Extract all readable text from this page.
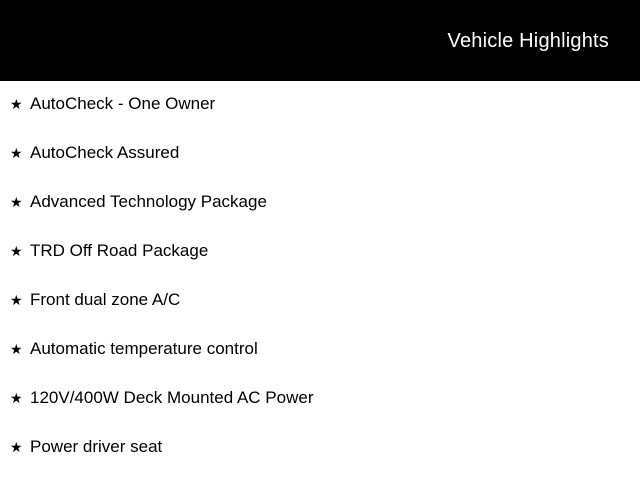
Vehicle Highlights
★ AutoCheck - One Owner
★ AutoCheck Assured
★ Advanced Technology Package
★ TRD Off Road Package
★ Front dual zone A/C
★ Automatic temperature control
★ 120V/400W Deck Mounted AC Power
★ Power driver seat
